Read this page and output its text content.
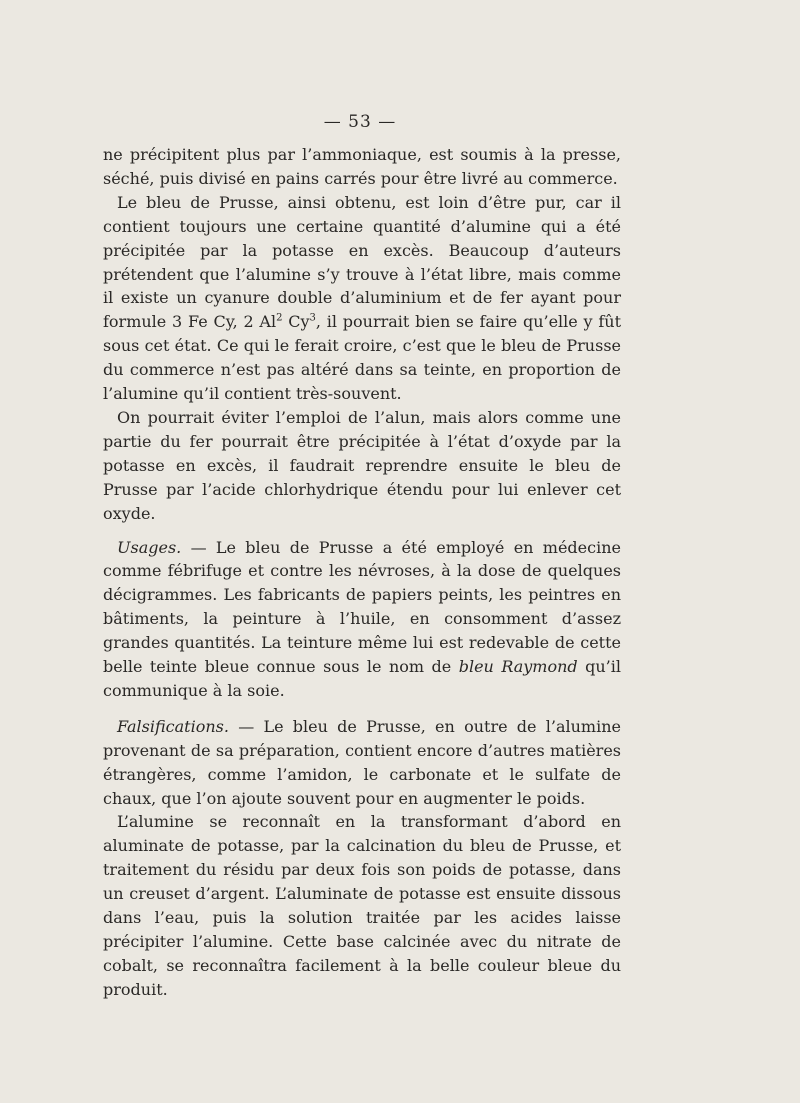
— 53 —

ne précipitent plus par l’ammoniaque, est soumis à la presse, séché, puis divisé en pains carrés pour être livré au commerce.

Le bleu de Prusse, ainsi obtenu, est loin d’être pur, car il contient toujours une certaine quantité d’alumine qui a été précipitée par la potasse en excès. Beaucoup d’auteurs prétendent que l’alumine s’y trouve à l’état libre, mais comme il existe un cyanure double d’aluminium et de fer ayant pour formule 3 Fe Cy, 2 Al$^2$ Cy$^3$, il pourrait bien se faire qu’elle y fût sous cet état. Ce qui le ferait croire, c’est que le bleu de Prusse du commerce n’est pas altéré dans sa teinte, en proportion de l’alumine qu’il contient très-souvent.

On pourrait éviter l’emploi de l’alun, mais alors comme une partie du fer pourrait être précipitée à l’état d’oxyde par la potasse en excès, il faudrait reprendre ensuite le bleu de Prusse par l’acide chlorhydrique étendu pour lui enlever cet oxyde.

Usages. — Le bleu de Prusse a été employé en médecine comme fébrifuge et contre les névroses, à la dose de quelques décigrammes. Les fabricants de papiers peints, les peintres en bâtiments, la peinture à l’huile, en consomment d’assez grandes quantités. La teinture même lui est redevable de cette belle teinte bleue connue sous le nom de bleu Raymond qu’il communique à la soie.

Falsifications. — Le bleu de Prusse, en outre de l’alumine provenant de sa préparation, contient encore d’autres matières étrangères, comme l’amidon, le carbonate et le sulfate de chaux, que l’on ajoute souvent pour en augmenter le poids.

L’alumine se reconnaît en la transformant d’abord en aluminate de potasse, par la calcination du bleu de Prusse, et traitement du résidu par deux fois son poids de potasse, dans un creuset d’argent. L’aluminate de potasse est ensuite dissous dans l’eau, puis la solution traitée par les acides laisse précipiter l’alumine. Cette base calcinée avec du nitrate de cobalt, se reconnaîtra facilement à la belle couleur bleue du produit.
